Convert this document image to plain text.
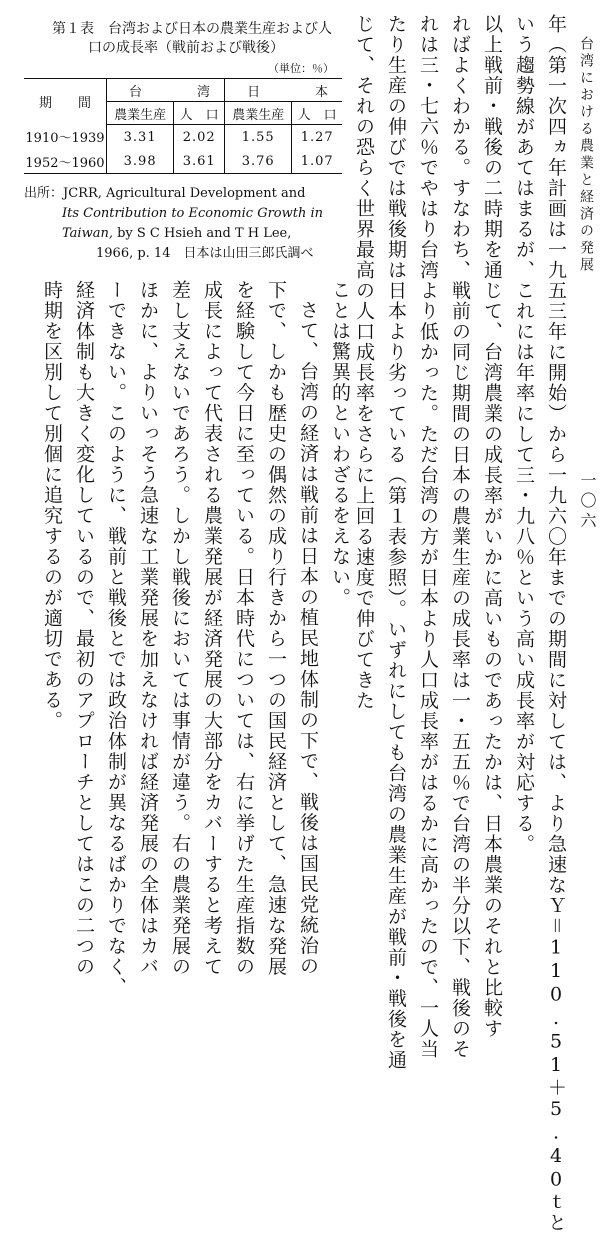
台湾における農業と経済の発展
一〇六
年（第一次四ヵ年計画は一九五三年に開始）から一九六〇年までの期間に対しては、より急速なＹ＝110.51＋5.40ｔと
いう趨勢線があてはまるが、これには年率にして三・九八％という高い成長率が対応する。
以上戦前・戦後の二時期を通じて、台湾農業の成長率がいかに高いものであったかは、日本農業のそれと比較す
ればよくわかる。すなわち、戦前の同じ期間の日本の農業生産の成長率は一・五五％で台湾の半分以下、戦後のそ
れは三・七六％でやはり台湾より低かった。ただ台湾の方が日本より人口成長率がはるかに高かったので、一人当
たり生産の伸びでは戦後期は日本より劣っている（第１表参照）。いずれにしても台湾の農業生産が戦前・戦後を通
じて、それの恐らく世界最高の人口成長率をさらに上回る速度で伸びてきた
第１表　台湾および日本の農業生産および人
口の成長率（戦前および戦後）
（単位：％）
期　　間	台 湾		日 本	

	農業生産	人　口	農業生産	人　口
1910～1939	3.31	2.02	1.55	1.27
1952～1960	3.98	3.61	3.76	1.07
出所：JCRR, Agricultural Development and
Its Contribution to Economic Growth in
Taiwan, by S C Hsieh and T H Lee,
1966, p. 14　日本は山田三郎氏調べ
ことは驚異的といわざるをえない。
さて、台湾の経済は戦前は日本の植民地体制の下で、戦後は国民党統治の
下で、しかも歴史の偶然の成り行きから一つの国民経済として、急速な発展
を経験して今日に至っている。日本時代については、右に挙げた生産指数の
成長によって代表される農業発展が経済発展の大部分をカバーすると考えて
差し支えないであろう。しかし戦後においては事情が違う。右の農業発展の
ほかに、よりいっそう急速な工業発展を加えなければ経済発展の全体はカバ
ーできない。このように、戦前と戦後とでは政治体制が異なるばかりでなく、
経済体制も大きく変化しているので、最初のアプローチとしてはこの二つの
時期を区別して別個に追究するのが適切である。
